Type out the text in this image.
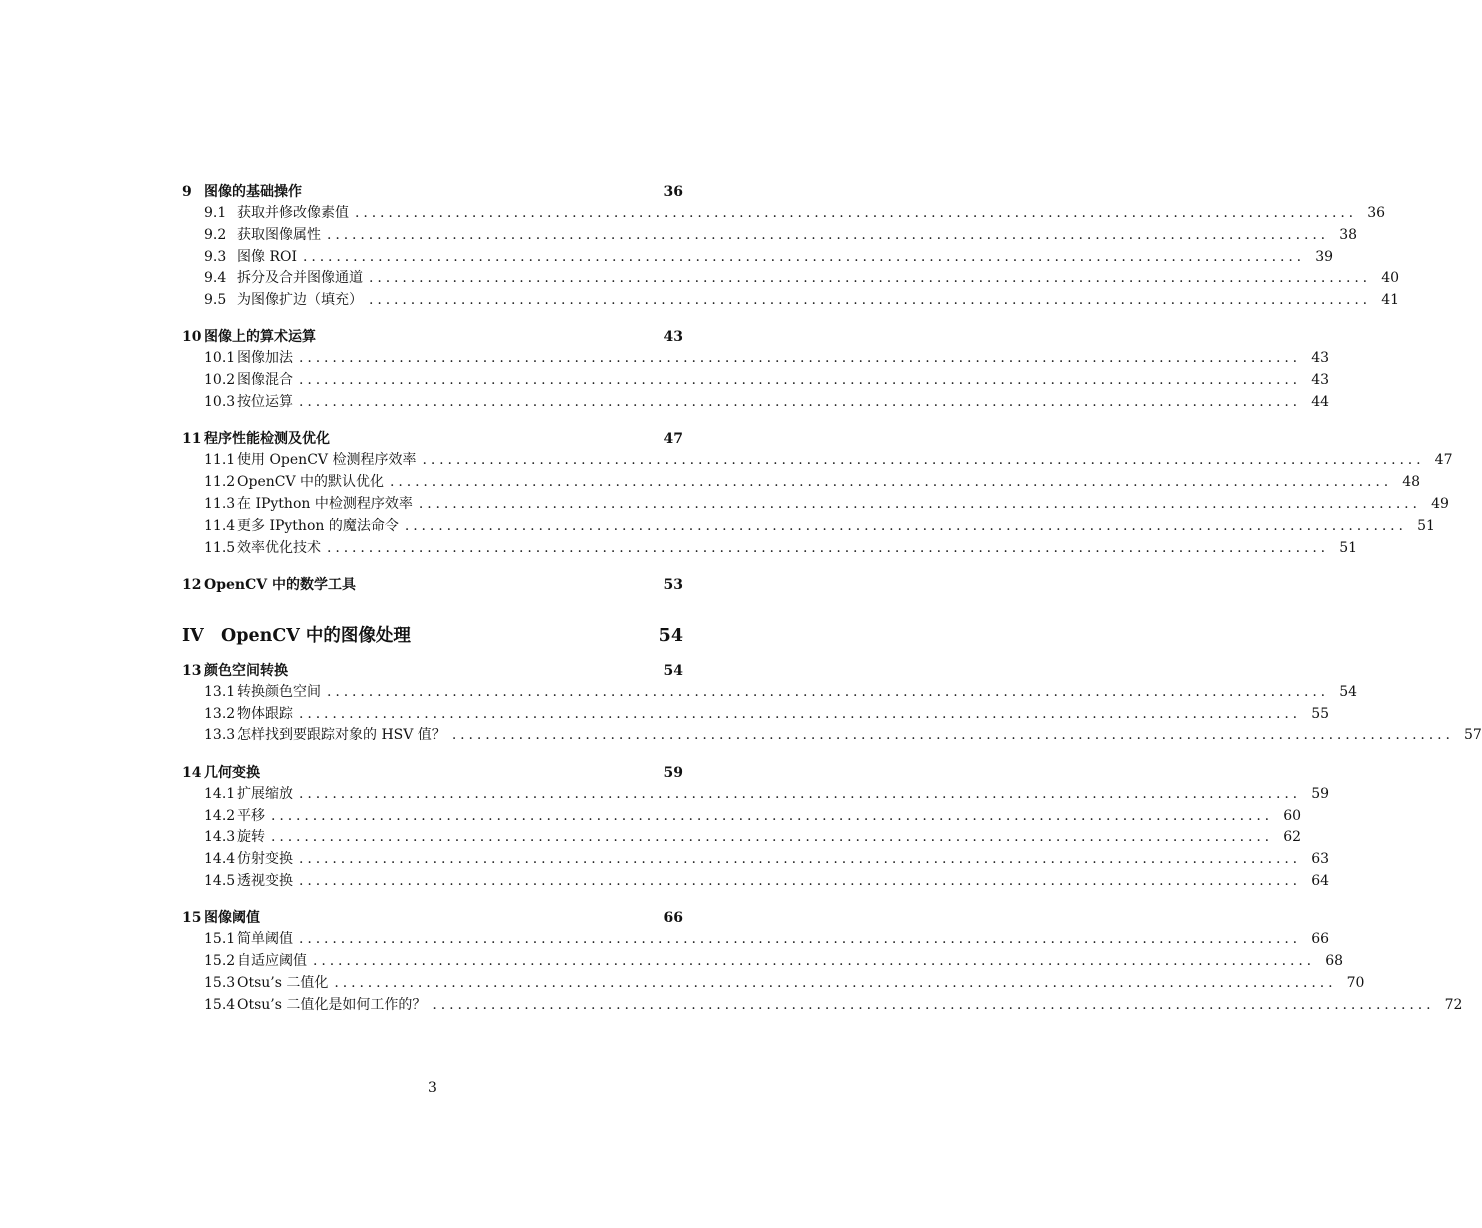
9 图像的基础操作	36
9.1 获取并修改像素值 ........................................................................................................................ 36
9.2 获取图像属性 ........................................................................................................................ 38
9.3 图像 ROI ........................................................................................................................ 39
9.4 拆分及合并图像通道 ........................................................................................................................ 40
9.5 为图像扩边（填充） ........................................................................................................................ 41
10 图像上的算术运算	43
10.1 图像加法 ........................................................................................................................ 43
10.2 图像混合 ........................................................................................................................ 43
10.3 按位运算 ........................................................................................................................ 44
11 程序性能检测及优化	47
11.1 使用 OpenCV 检测程序效率 ........................................................................................................................ 47
11.2 OpenCV 中的默认优化 ........................................................................................................................ 48
11.3 在 IPython 中检测程序效率 ........................................................................................................................ 49
11.4 更多 IPython 的魔法命令 ........................................................................................................................ 51
11.5 效率优化技术 ........................................................................................................................ 51
12 OpenCV 中的数学工具	53
IV OpenCV 中的图像处理	54
13 颜色空间转换	54
13.1 转换颜色空间 ........................................................................................................................ 54
13.2 物体跟踪 ........................................................................................................................ 55
13.3 怎样找到要跟踪对象的 HSV 值？ ........................................................................................................................ 57
14 几何变换	59
14.1 扩展缩放 ........................................................................................................................ 59
14.2 平移 ........................................................................................................................ 60
14.3 旋转 ........................................................................................................................ 62
14.4 仿射变换 ........................................................................................................................ 63
14.5 透视变换 ........................................................................................................................ 64
15 图像阈值	66
15.1 简单阈值 ........................................................................................................................ 66
15.2 自适应阈值 ........................................................................................................................ 68
15.3 Otsu’s 二值化 ........................................................................................................................ 70
15.4 Otsu’s 二值化是如何工作的？ ........................................................................................................................ 72
3
